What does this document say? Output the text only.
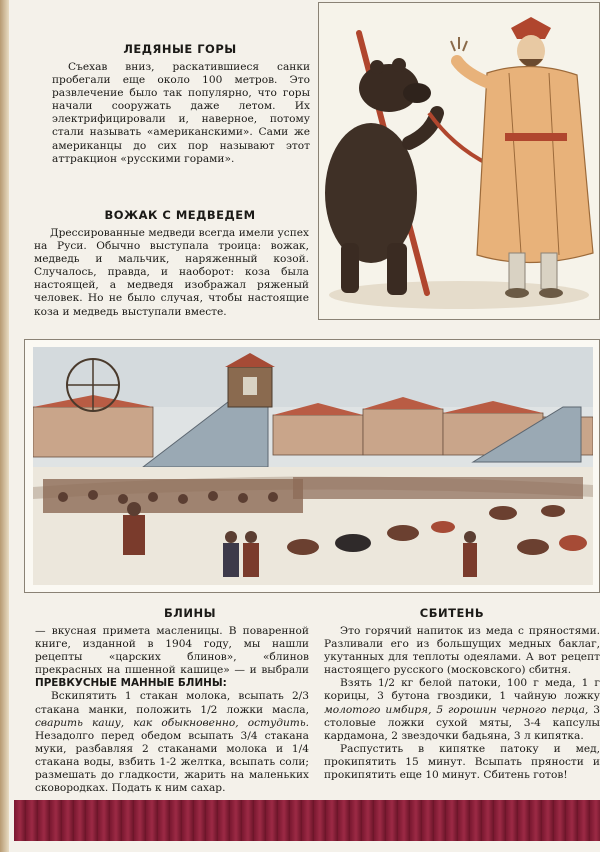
ЛЕДЯНЫЕ ГОРЫ

Съехав вниз, раскатившиеся санки пробегали еще около 100 метров. Это развлечение было так популярно, что горы начали сооружать даже летом. Их электрифицировали и, наверное, потому стали называть «американскими». Сами же американцы до сих пор называют этот аттракцион «русскими горами».

ВОЖАК С МЕДВЕДЕМ

Дрессированные медведи всегда имели успех на Руси. Обычно выступала троица: вожак, медведь и мальчик, наряженный козой. Случалось, правда, и наоборот: коза была настоящей, а медведя изображал ряженый человек. Но не было случая, чтобы настоящие коза и медведь выступали вместе.

БЛИНЫ

— вкусная примета масленицы. В поваренной книге, изданной в 1904 году, мы нашли рецепты «царских блинов», «блинов прекрасных на пшенной кашице» — и выбрали ПРЕВКУСНЫЕ МАННЫЕ БЛИНЫ:

Вскипятить 1 стакан молока, всыпать 2/3 стакана манки, положить 1/2 ложки масла, сварить кашу, как обыкновенно, остудить. Незадолго перед обедом всыпать 3/4 стакана муки, разбавляя 2 стаканами молока и 1/4 стакана воды, взбить 1-2 желтка, всыпать соли; размешать до гладкости, жарить на маленьких сковородках. Подать к ним сахар.

СБИТЕНЬ

Это горячий напиток из меда с пряностями. Разливали его из большущих медных баклаг, укутанных для теплоты одеялами. А вот рецепт настоящего русского (московского) сбитня.

Взять 1/2 кг белой патоки, 100 г меда, 1 г корицы, 3 бутона гвоздики, 1 чайную ложку молотого имбиря, 5 горошин черного перца, 3 столовые ложки сухой мяты, 3-4 капсулы кардамона, 2 звездочки бадьяна, 3 л кипятка.

Распустить в кипятке патоку и мед, прокипятить 15 минут. Всыпать пряности и прокипятить еще 10 минут. Сбитень готов!
